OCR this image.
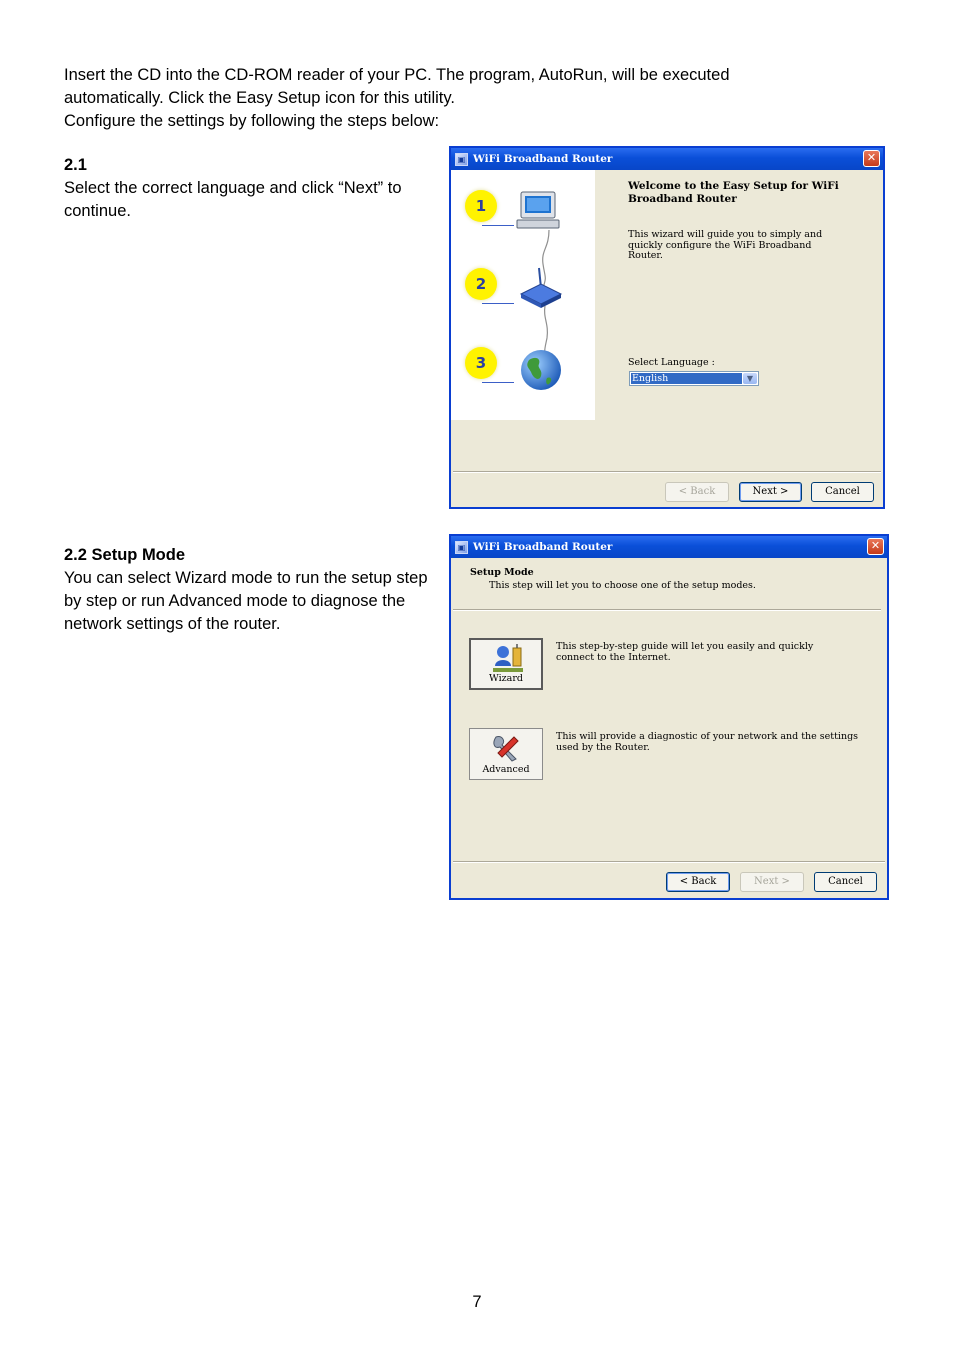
Insert the CD into the CD-ROM reader of your PC. The program, AutoRun, will be executed

automatically. Click the Easy Setup icon for this utility.

Configure the settings by following the steps below:

2.1

Select the correct language and click “Next” to continue.

2.2 Setup Mode

You can select Wizard mode to run the setup step by step or run Advanced mode to diagnose the network settings of the router.

▣ WiFi Broadband Router	✕
1
2
3
Welcome to the Easy Setup for WiFi Broadband Router
This wizard will guide you to simply and quickly configure the WiFi Broadband Router.
Select Language :
English	▼
< Back	Next >	Cancel
▣ WiFi Broadband Router	✕
Setup Mode
This step will let you to choose one of the setup modes.
Wizard
This step-by-step guide will let you easily and quickly connect to the Internet.
Advanced
This will provide a diagnostic of your network and the settings used by the Router.
< Back	Next >	Cancel
7
